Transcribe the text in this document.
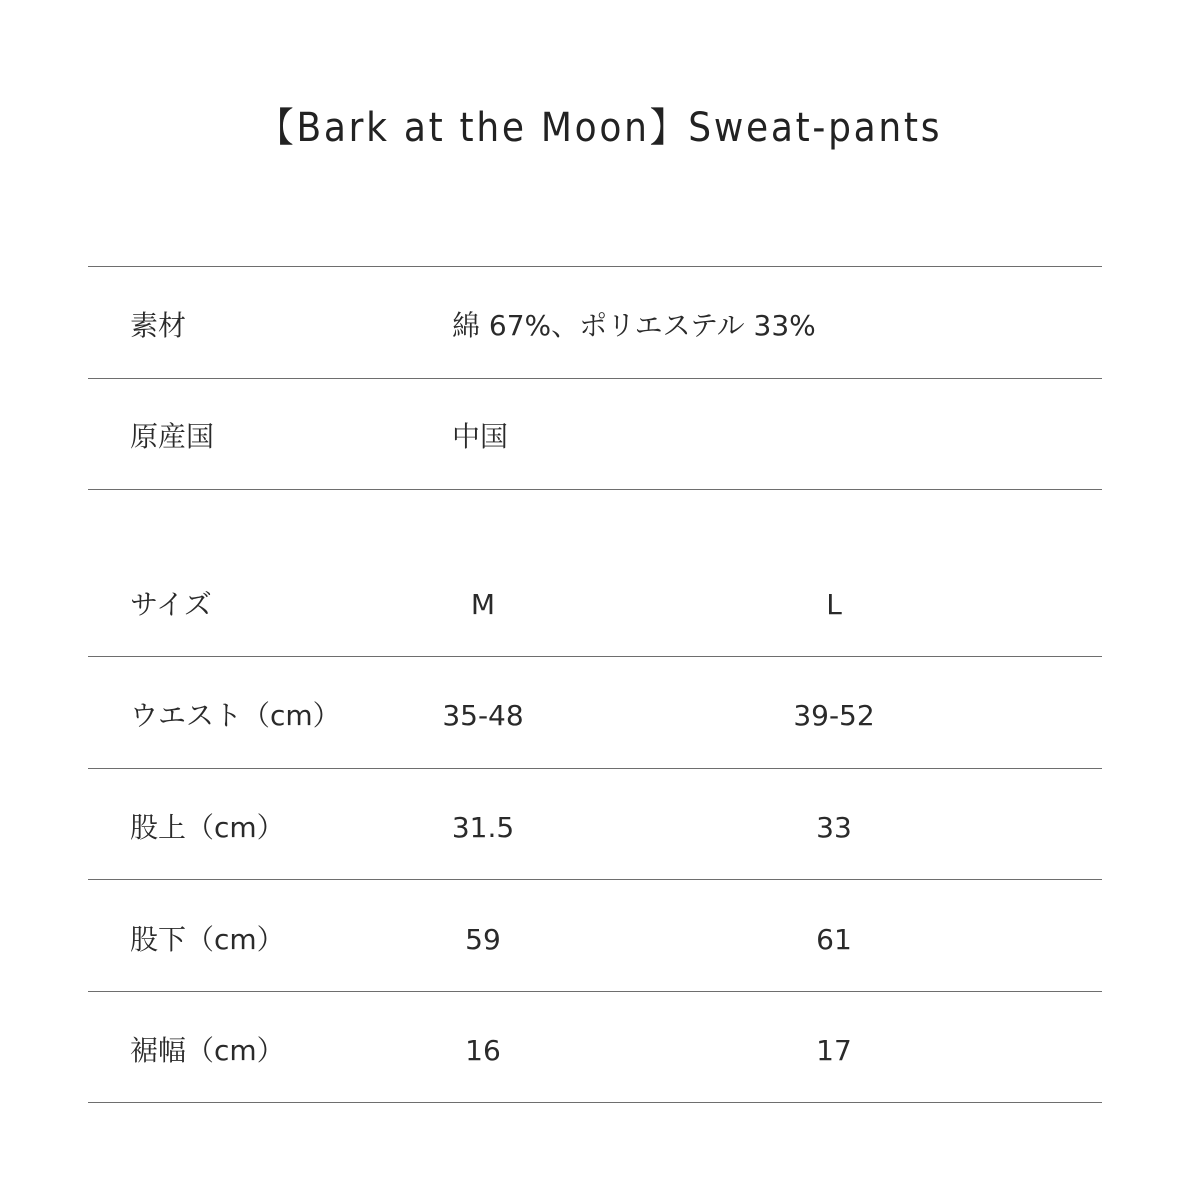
【Bark at the Moon】Sweat-pants
素材	綿 67%、ポリエステル 33%
原産国	中国
サイズ	M	L
ウエスト（cm）	35-48	39-52
股上（cm）	31.5	33
股下（cm）	59	61
裾幅（cm）	16	17
